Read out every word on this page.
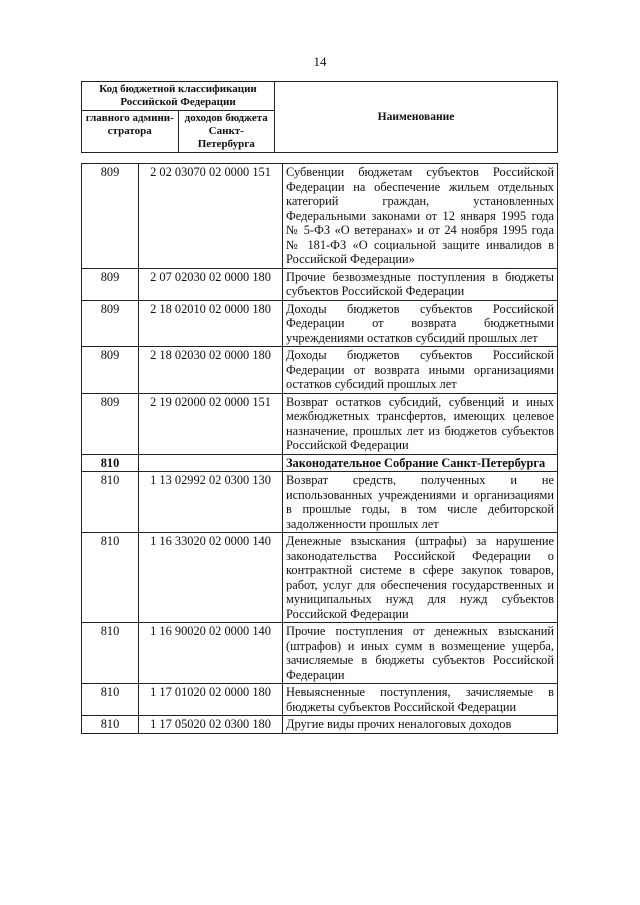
14
Код бюджетной классификации Российской Федерации		Наименование
главного админи-стратора	доходов бюджета Санкт-Петербурга	
809	2 02 03070 02 0000 151	Субвенции бюджетам субъектов Российской Федерации на обеспечение жильем отдельных категорий граждан, установленных Федеральными законами от 12 января 1995 года № 5-ФЗ «О ветеранах» и от 24 ноября 1995 года № 181-ФЗ «О социальной защите инвалидов в Российской Федерации»
809	2 07 02030 02 0000 180	Прочие безвозмездные поступления в бюджеты субъектов Российской Федерации
809	2 18 02010 02 0000 180	Доходы бюджетов субъектов Российской Федерации от возврата бюджетными учреждениями остатков субсидий прошлых лет
809	2 18 02030 02 0000 180	Доходы бюджетов субъектов Российской Федерации от возврата иными организациями остатков субсидий прошлых лет
809	2 19 02000 02 0000 151	Возврат остатков субсидий, субвенций и иных межбюджетных трансфертов, имеющих целевое назначение, прошлых лет из бюджетов субъектов Российской Федерации
810		Законодательное Собрание Санкт-Петербурга
810	1 13 02992 02 0300 130	Возврат средств, полученных и не использованных учреждениями и организациями в прошлые годы, в том числе дебиторской задолженности прошлых лет
810	1 16 33020 02 0000 140	Денежные взыскания (штрафы) за нарушение законодательства Российской Федерации о контрактной системе в сфере закупок товаров, работ, услуг для обеспечения государственных и муниципальных нужд для нужд субъектов Российской Федерации
810	1 16 90020 02 0000 140	Прочие поступления от денежных взысканий (штрафов) и иных сумм в возмещение ущерба, зачисляемые в бюджеты субъектов Российской Федерации
810	1 17 01020 02 0000 180	Невыясненные поступления, зачисляемые в бюджеты субъектов Российской Федерации
810	1 17 05020 02 0300 180	Другие виды прочих неналоговых доходов
